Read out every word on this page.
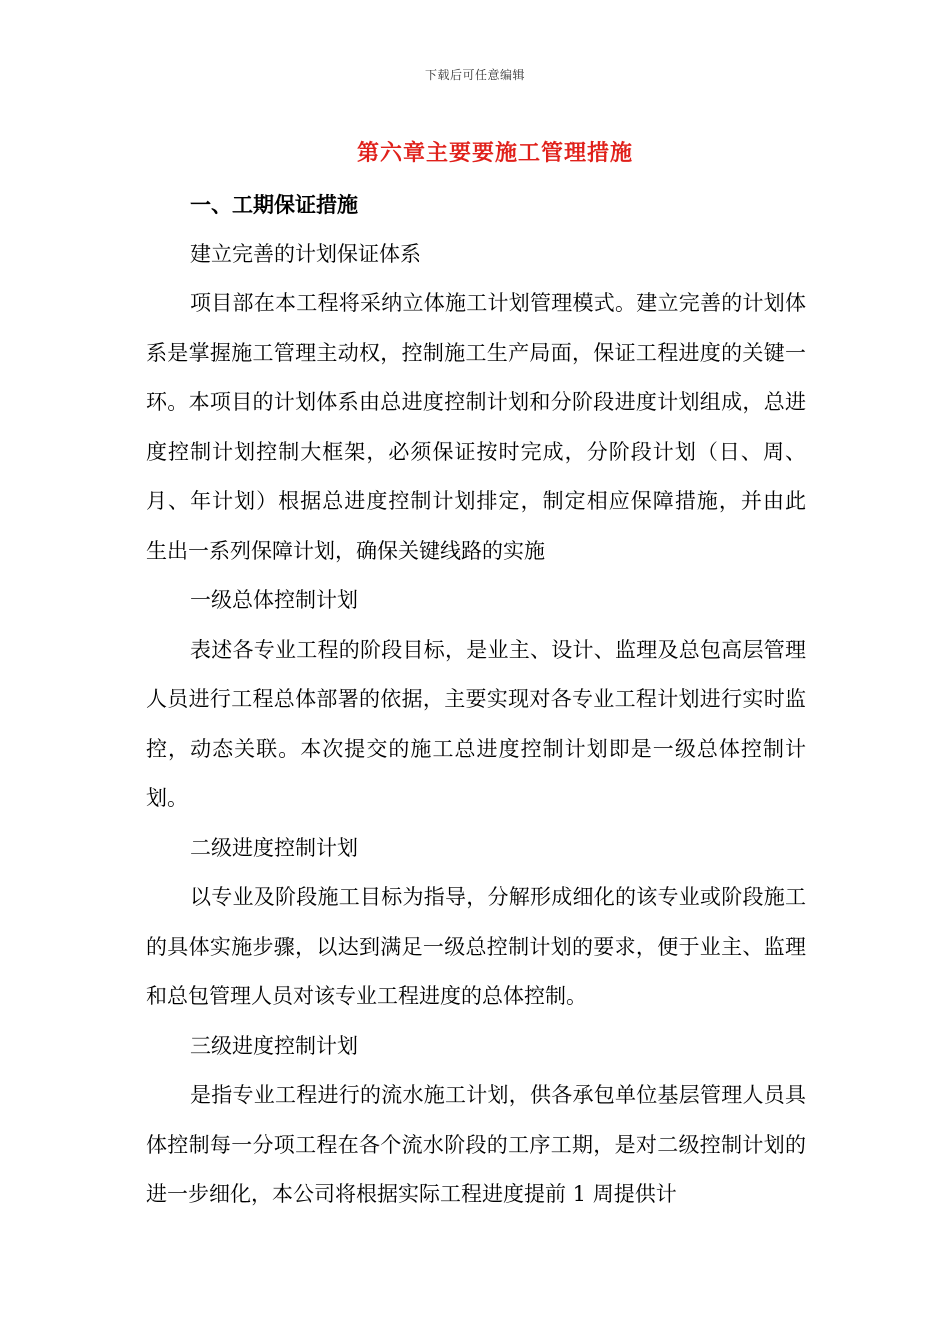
下载后可任意编辑
第六章主要要施工管理措施

一、工期保证措施

建立完善的计划保证体系

项目部在本工程将采纳立体施工计划管理模式。建立完善的计划体系是掌握施工管理主动权，控制施工生产局面，保证工程进度的关键一环。本项目的计划体系由总进度控制计划和分阶段进度计划组成，总进度控制计划控制大框架，必须保证按时完成，分阶段计划（日、周、月、年计划）根据总进度控制计划排定，制定相应保障措施，并由此　 生出一系列保障计划，确保关键线路的实施

一级总体控制计划

表述各专业工程的阶段目标，是业主、设计、监理及总包高层管理人员进行工程总体部署的依据，主要实现对各专业工程计划进行实时监控，动态关联。本次提交的施工总进度控制计划即是一级总体控制计划。

二级进度控制计划

以专业及阶段施工目标为指导，分解形成细化的该专业或阶段施工的具体实施步骤，以达到满足一级总控制计划的要求，便于业主、监理和总包管理人员对该专业工程进度的总体控制。

三级进度控制计划

是指专业工程进行的流水施工计划，供各承包单位基层管理人员具体控制每一分项工程在各个流水阶段的工序工期，是对二级控制计划的进一步细化，本公司将根据实际工程进度提前 1 周提供计
